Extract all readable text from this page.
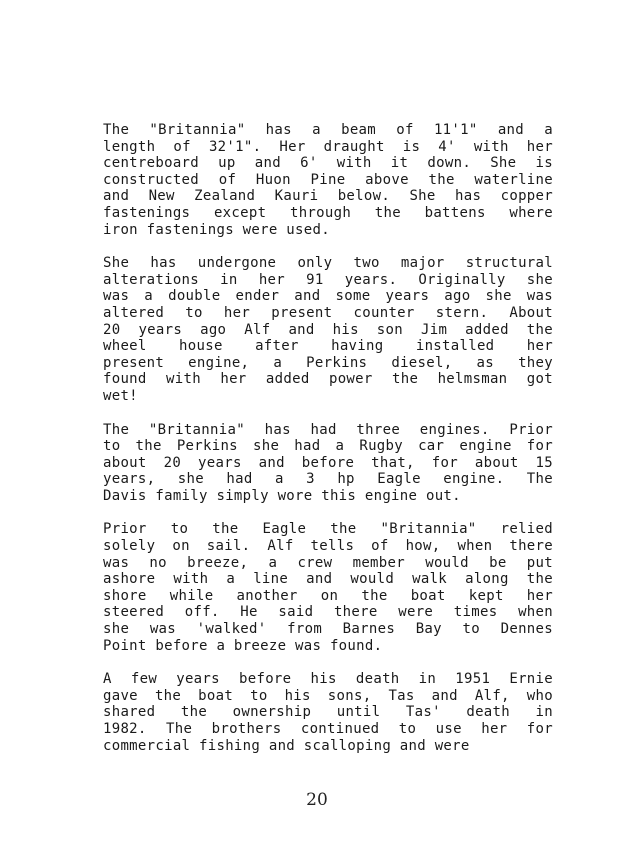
The "Britannia" has a beam of 11'1" and a
length of 32'1". Her draught is 4' with her
centreboard up and 6' with it down. She is
constructed of Huon Pine above the waterline
and New Zealand Kauri below. She has copper
fastenings except through the battens where
iron fastenings were used.
She has undergone only two major structural
alterations in her 91 years. Originally she
was a double ender and some years ago she was
altered to her present counter stern. About
20 years ago Alf and his son Jim added the
wheel house after having installed her
present engine, a Perkins diesel, as they
found with her added power the helmsman got
wet!
The "Britannia" has had three engines. Prior
to the Perkins she had a Rugby car engine for
about 20 years and before that, for about 15
years, she had a 3 hp Eagle engine. The
Davis family simply wore this engine out.
Prior to the Eagle the "Britannia" relied
solely on sail. Alf tells of how, when there
was no breeze, a crew member would be put
ashore with a line and would walk along the
shore while another on the boat kept her
steered off. He said there were times when
she was 'walked' from Barnes Bay to Dennes
Point before a breeze was found.
A few years before his death in 1951 Ernie
gave the boat to his sons, Tas and Alf, who
shared the ownership until Tas' death in
1982. The brothers continued to use her for
commercial fishing and scalloping and were
20
